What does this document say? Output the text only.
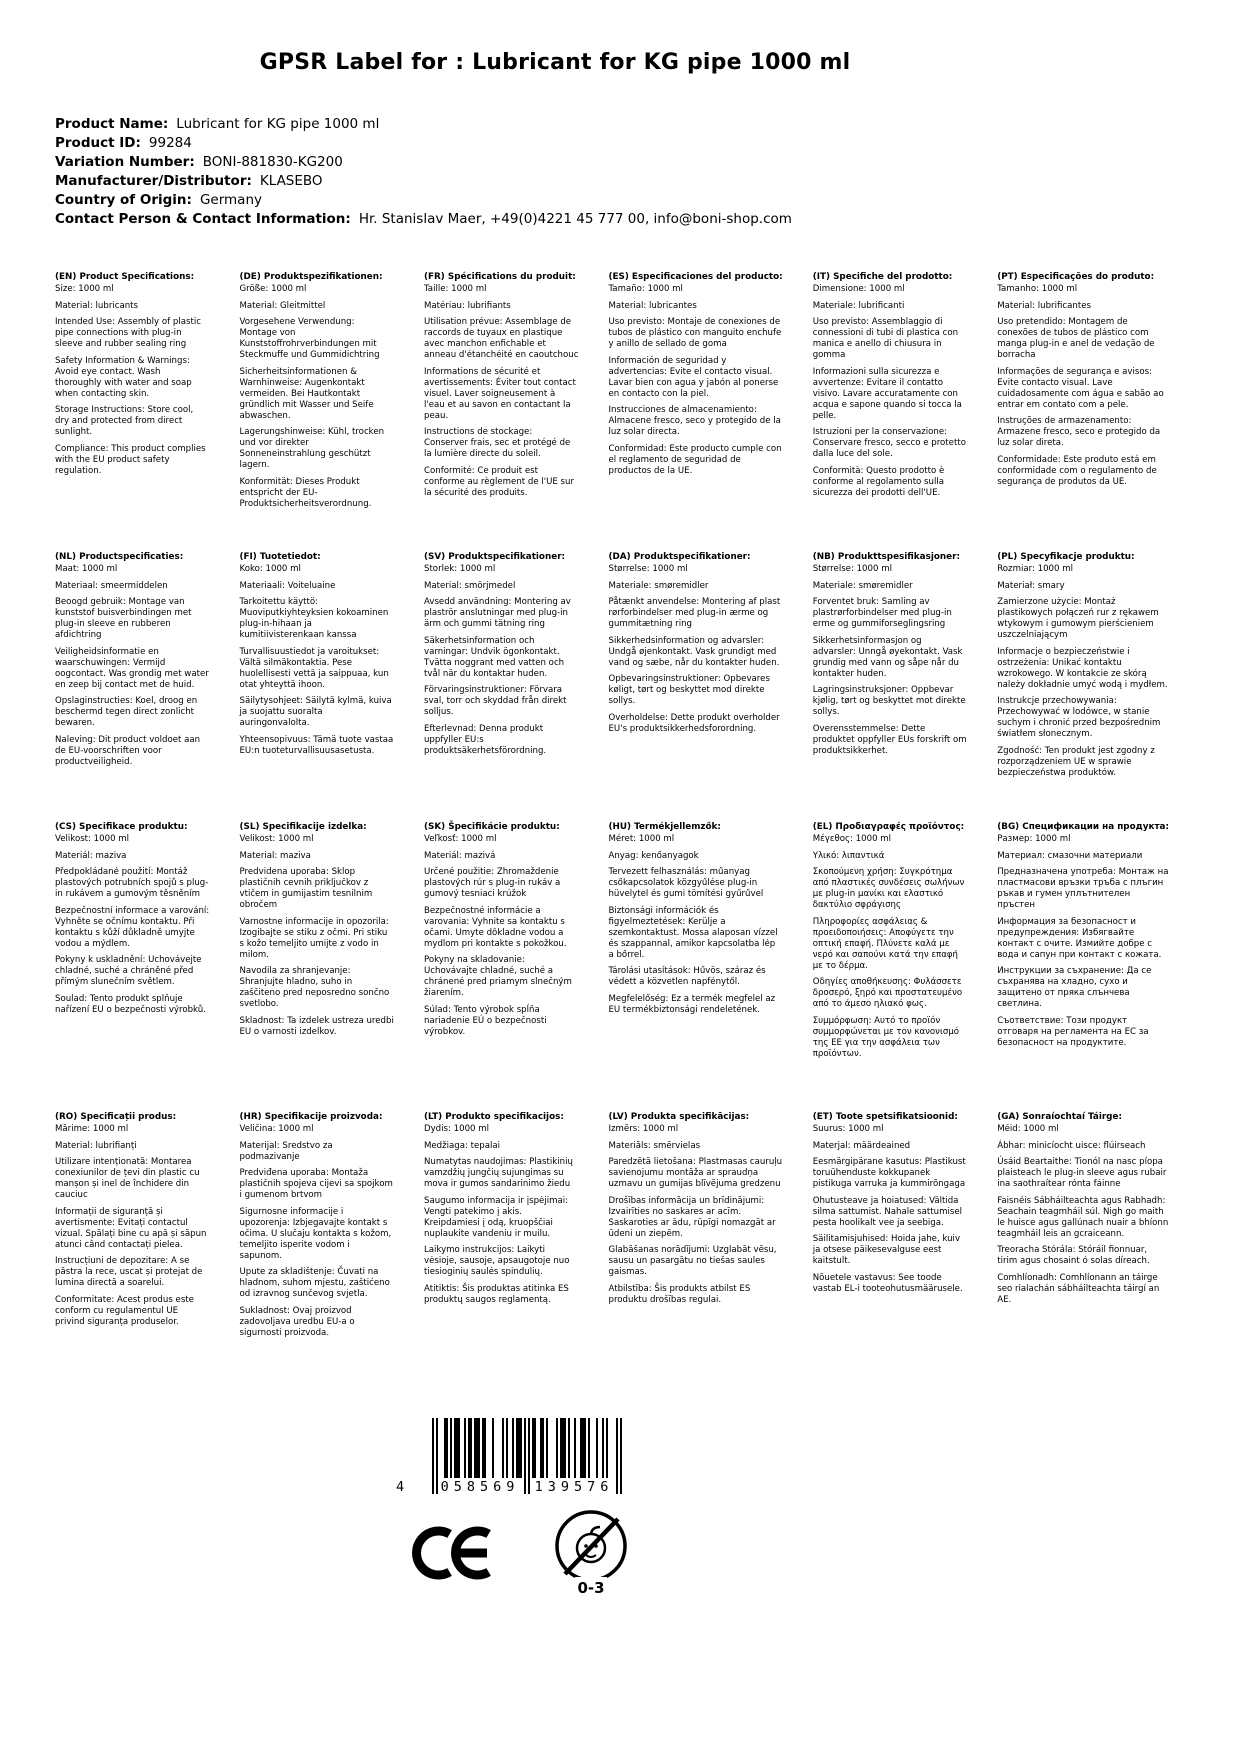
GPSR Label for : Lubricant for KG pipe 1000 ml

Product Name: Lubricant for KG pipe 1000 ml

Product ID: 99284

Variation Number: BONI-881830-KG200

Manufacturer/Distributor: KLASEBO

Country of Origin: Germany

Contact Person & Contact Information: Hr. Stanislav Maer, +49(0)4221 45 777 00, info@boni-shop.com

(EN) Product Specifications:

Size: 1000 ml

Material: lubricants

Intended Use: Assembly of plastic pipe connections with plug-in sleeve and rubber sealing ring

Safety Information & Warnings: Avoid eye contact. Wash thoroughly with water and soap when contacting skin.

Storage Instructions: Store cool, dry and protected from direct sunlight.

Compliance: This product complies with the EU product safety regulation.

(DE) Produktspezifikationen:

Größe: 1000 ml

Material: Gleitmittel

Vorgesehene Verwendung: Montage von Kunststoffrohrverbindungen mit Steckmuffe und Gummidichtring

Sicherheitsinformationen & Warnhinweise: Augenkontakt vermeiden. Bei Hautkontakt gründlich mit Wasser und Seife abwaschen.

Lagerungshinweise: Kühl, trocken und vor direkter Sonneneinstrahlung geschützt lagern.

Konformität: Dieses Produkt entspricht der EU-Produktsicherheitsverordnung.

(FR) Spécifications du produit:

Taille: 1000 ml

Matériau: lubrifiants

Utilisation prévue: Assemblage de raccords de tuyaux en plastique avec manchon enfichable et anneau d'étanchéité en caoutchouc

Informations de sécurité et avertissements: Éviter tout contact visuel. Laver soigneusement à l'eau et au savon en contactant la peau.

Instructions de stockage: Conserver frais, sec et protégé de la lumière directe du soleil.

Conformité: Ce produit est conforme au règlement de l'UE sur la sécurité des produits.

(ES) Especificaciones del producto:

Tamaño: 1000 ml

Material: lubricantes

Uso previsto: Montaje de conexiones de tubos de plástico con manguito enchufe y anillo de sellado de goma

Información de seguridad y advertencias: Evite el contacto visual. Lavar bien con agua y jabón al ponerse en contacto con la piel.

Instrucciones de almacenamiento: Almacene fresco, seco y protegido de la luz solar directa.

Conformidad: Este producto cumple con el reglamento de seguridad de productos de la UE.

(IT) Specifiche del prodotto:

Dimensione: 1000 ml

Materiale: lubrificanti

Uso previsto: Assemblaggio di connessioni di tubi di plastica con manica e anello di chiusura in gomma

Informazioni sulla sicurezza e avvertenze: Evitare il contatto visivo. Lavare accuratamente con acqua e sapone quando si tocca la pelle.

Istruzioni per la conservazione: Conservare fresco, secco e protetto dalla luce del sole.

Conformità: Questo prodotto è conforme al regolamento sulla sicurezza dei prodotti dell'UE.

(PT) Especificações do produto:

Tamanho: 1000 ml

Material: lubrificantes

Uso pretendido: Montagem de conexões de tubos de plástico com manga plug-in e anel de vedação de borracha

Informações de segurança e avisos: Evite contacto visual. Lave cuidadosamente com água e sabão ao entrar em contato com a pele.

Instruções de armazenamento: Armazene fresco, seco e protegido da luz solar direta.

Conformidade: Este produto está em conformidade com o regulamento de segurança de produtos da UE.

(NL) Productspecificaties:

Maat: 1000 ml

Materiaal: smeermiddelen

Beoogd gebruik: Montage van kunststof buisverbindingen met plug-in sleeve en rubberen afdichtring

Veiligheidsinformatie en waarschuwingen: Vermijd oogcontact. Was grondig met water en zeep bij contact met de huid.

Opslaginstructies: Koel, droog en beschermd tegen direct zonlicht bewaren.

Naleving: Dit product voldoet aan de EU-voorschriften voor productveiligheid.

(FI) Tuotetiedot:

Koko: 1000 ml

Materiaali: Voiteluaine

Tarkoitettu käyttö: Muoviputkiyhteyksien kokoaminen plug-in-hihaan ja kumitiivisterenkaan kanssa

Turvallisuustiedot ja varoitukset: Vältä silmäkontaktia. Pese huolellisesti vettä ja saippuaa, kun otat yhteyttä ihoon.

Säilytysohjeet: Säilytä kylmä, kuiva ja suojattu suoralta auringonvalolta.

Yhteensopivuus: Tämä tuote vastaa EU:n tuoteturvallisuusasetusta.

(SV) Produktspecifikationer:

Storlek: 1000 ml

Material: smörjmedel

Avsedd användning: Montering av plaströr anslutningar med plug-in ärm och gummi tätning ring

Säkerhetsinformation och varningar: Undvik ögonkontakt. Tvätta noggrant med vatten och tvål när du kontaktar huden.

Förvaringsinstruktioner: Förvara sval, torr och skyddad från direkt solljus.

Efterlevnad: Denna produkt uppfyller EU:s produktsäkerhetsförordning.

(DA) Produktspecifikationer:

Størrelse: 1000 ml

Materiale: smøremidler

Påtænkt anvendelse: Montering af plast rørforbindelser med plug-in ærme og gummitætning ring

Sikkerhedsinformation og advarsler: Undgå øjenkontakt. Vask grundigt med vand og sæbe, når du kontakter huden.

Opbevaringsinstruktioner: Opbevares køligt, tørt og beskyttet mod direkte sollys.

Overholdelse: Dette produkt overholder EU's produktsikkerhedsforordning.

(NB) Produkttspesifikasjoner:

Størrelse: 1000 ml

Materiale: smøremidler

Forventet bruk: Samling av plastrørforbindelser med plug-in erme og gummiforseglingsring

Sikkerhetsinformasjon og advarsler: Unngå øyekontakt. Vask grundig med vann og såpe når du kontakter huden.

Lagringsinstruksjoner: Oppbevar kjølig, tørt og beskyttet mot direkte sollys.

Overensstemmelse: Dette produktet oppfyller EUs forskrift om produktsikkerhet.

(PL) Specyfikacje produktu:

Rozmiar: 1000 ml

Materiał: smary

Zamierzone użycie: Montaż plastikowych połączeń rur z rękawem wtykowym i gumowym pierścieniem uszczelniającym

Informacje o bezpieczeństwie i ostrzeżenia: Unikać kontaktu wzrokowego. W kontakcie ze skórą należy dokładnie umyć wodą i mydłem.

Instrukcje przechowywania: Przechowywać w lodówce, w stanie suchym i chronić przed bezpośrednim światłem słonecznym.

Zgodność: Ten produkt jest zgodny z rozporządzeniem UE w sprawie bezpieczeństwa produktów.

(CS) Specifikace produktu:

Velikost: 1000 ml

Materiál: maziva

Předpokládané použití: Montáž plastových potrubních spojů s plug-in rukávem a gumovým těsněním

Bezpečnostní informace a varování: Vyhněte se očnímu kontaktu. Při kontaktu s kůží důkladně umyjte vodou a mýdlem.

Pokyny k uskladnění: Uchovávejte chladné, suché a chráněné před přímým slunečním světlem.

Soulad: Tento produkt splňuje nařízení EU o bezpečnosti výrobků.

(SL) Specifikacije izdelka:

Velikost: 1000 ml

Material: maziva

Predvidena uporaba: Sklop plastičnih cevnih priključkov z vtičem in gumijastim tesnilnim obročem

Varnostne informacije in opozorila: Izogibajte se stiku z očmi. Pri stiku s kožo temeljito umijte z vodo in milom.

Navodila za shranjevanje: Shranjujte hladno, suho in zaščiteno pred neposredno sončno svetlobo.

Skladnost: Ta izdelek ustreza uredbi EU o varnosti izdelkov.

(SK) Špecifikácie produktu:

Veľkosť: 1000 ml

Materiál: mazivá

Určené použitie: Zhromaždenie plastových rúr s plug-in rukáv a gumový tesniaci krúžok

Bezpečnostné informácie a varovania: Vyhnite sa kontaktu s očami. Umyte dôkladne vodou a mydlom pri kontakte s pokožkou.

Pokyny na skladovanie: Uchovávajte chladné, suché a chránené pred priamym slnečným žiarením.

Súlad: Tento výrobok spĺňa nariadenie EÚ o bezpečnosti výrobkov.

(HU) Termékjellemzők:

Méret: 1000 ml

Anyag: kenőanyagok

Tervezett felhasználás: műanyag csőkapcsolatok közgyűlése plug-in hüvelytel és gumi tömítési gyűrűvel

Biztonsági információk és figyelmeztetések: Kerülje a szemkontaktust. Mossa alaposan vízzel és szappannal, amikor kapcsolatba lép a bőrrel.

Tárolási utasítások: Hűvös, száraz és védett a közvetlen napfénytől.

Megfelelőség: Ez a termék megfelel az EU termékbiztonsági rendeletének.

(EL) Προδιαγραφές προϊόντος:

Μέγεθος: 1000 ml

Υλικό: λιπαντικά

Σκοπούμενη χρήση: Συγκρότημα από πλαστικές συνδέσεις σωλήνων με plug-in μανίκι και ελαστικό δακτύλιο σφράγισης

Πληροφορίες ασφάλειας & προειδοποιήσεις: Αποφύγετε την οπτική επαφή. Πλύνετε καλά με νερό και σαπούνι κατά την επαφή με το δέρμα.

Οδηγίες αποθήκευσης: Φυλάσσετε δροσερό, ξηρό και προστατευμένο από το άμεσο ηλιακό φως.

Συμμόρφωση: Αυτό το προϊόν συμμορφώνεται με τον κανονισμό της ΕΕ για την ασφάλεια των προϊόντων.

(BG) Спецификации на продукта:

Размер: 1000 ml

Материал: смазочни материали

Предназначена употреба: Монтаж на пластмасови връзки тръба с плъгин ръкав и гумен уплътнителен пръстен

Информация за безопасност и предупреждения: Избягвайте контакт с очите. Измийте добре с вода и сапун при контакт с кожата.

Инструкции за съхранение: Да се съхранява на хладно, сухо и защитено от пряка слънчева светлина.

Съответствие: Този продукт отговаря на регламента на ЕС за безопасност на продуктите.

(RO) Specificații produs:

Mărime: 1000 ml

Material: lubrifianți

Utilizare intenționată: Montarea conexiunilor de țevi din plastic cu manșon și inel de închidere din cauciuc

Informații de siguranță și avertismente: Evitați contactul vizual. Spălați bine cu apă și săpun atunci când contactați pielea.

Instrucțiuni de depozitare: A se păstra la rece, uscat și protejat de lumina directă a soarelui.

Conformitate: Acest produs este conform cu regulamentul UE privind siguranța produselor.

(HR) Specifikacije proizvoda:

Veličina: 1000 ml

Materijal: Sredstvo za podmazivanje

Predviđena uporaba: Montaža plastičnih spojeva cijevi sa spojkom i gumenom brtvom

Sigurnosne informacije i upozorenja: Izbjegavajte kontakt s očima. U slučaju kontakta s kožom, temeljito isperite vodom i sapunom.

Upute za skladištenje: Čuvati na hladnom, suhom mjestu, zaštićeno od izravnog sunčevog svjetla.

Sukladnost: Ovaj proizvod zadovoljava uredbu EU-a o sigurnosti proizvoda.

(LT) Produkto specifikacijos:

Dydis: 1000 ml

Medžiaga: tepalai

Numatytas naudojimas: Plastikinių vamzdžių jungčių sujungimas su mova ir gumos sandarinimo žiedu

Saugumo informacija ir įspėjimai: Vengti patekimo į akis. Kreipdamiesi į odą, kruopščiai nuplaukite vandeniu ir muilu.

Laikymo instrukcijos: Laikyti vėsioje, sausoje, apsaugotoje nuo tiesioginių saulės spindulių.

Atitiktis: Šis produktas atitinka ES produktų saugos reglamentą.

(LV) Produkta specifikācijas:

Izmērs: 1000 ml

Materiāls: smērvielas

Paredzētā lietošana: Plastmasas cauruļu savienojumu montāža ar spraudņa uzmavu un gumijas blīvējuma gredzenu

Drošības informācija un brīdinājumi: Izvairīties no saskares ar acīm. Saskaroties ar ādu, rūpīgi nomazgāt ar ūdeni un ziepēm.

Glabāšanas norādījumi: Uzglabāt vēsu, sausu un pasargātu no tiešas saules gaismas.

Atbilstība: Šis produkts atbilst ES produktu drošības regulai.

(ET) Toote spetsifikatsioonid:

Suurus: 1000 ml

Materjal: määrdeained

Eesmärgipärane kasutus: Plastikust toruühenduste kokkupanek pistikuga varruka ja kummirõngaga

Ohutusteave ja hoiatused: Vältida silma sattumist. Nahale sattumisel pesta hoolikalt vee ja seebiga.

Säilitamisjuhised: Hoida jahe, kuiv ja otsese päikesevalguse eest kaitstult.

Nõuetele vastavus: See toode vastab EL-i tooteohutusmäärusele.

(GA) Sonraíochtaí Táirge:

Méid: 1000 ml

Ábhar: minicíocht uisce: flúirseach

Úsáid Beartaithe: Tionól na nasc píopa plaisteach le plug-in sleeve agus rubair ina saothraítear rónta fáinne

Faisnéis Sábháilteachta agus Rabhadh: Seachain teagmháil súl. Nigh go maith le huisce agus gallúnach nuair a bhíonn teagmháil leis an gcraiceann.

Treoracha Stórála: Stóráil fionnuar, tirim agus chosaint ó solas díreach.

Comhlíonadh: Comhlíonann an táirge seo rialachán sábháilteachta táirgí an AE.

4	058569 139576
0-3
